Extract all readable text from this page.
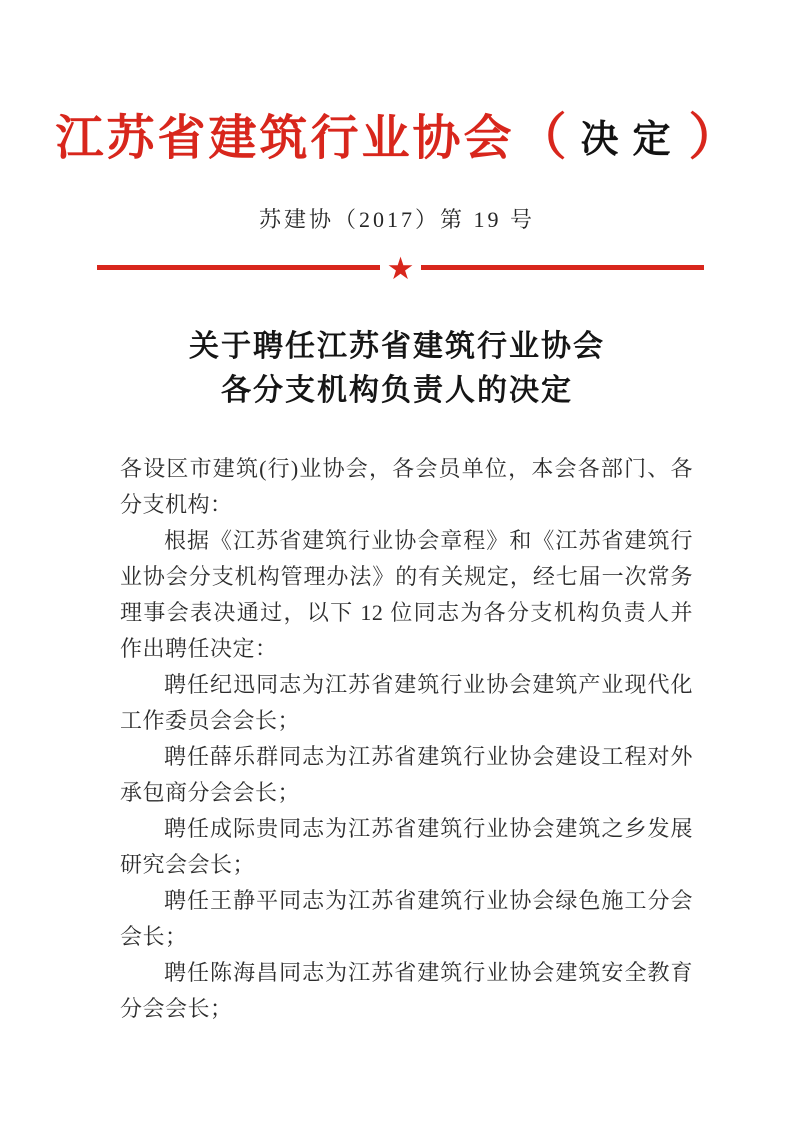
江苏省建筑行业协会（ 决定）
苏建协（2017）第 19 号
★
关于聘任江苏省建筑行业协会
各分支机构负责人的决定

各设区市建筑(行)业协会，各会员单位，本会各部门、各分支机构：

根据《江苏省建筑行业协会章程》和《江苏省建筑行业协会分支机构管理办法》的有关规定，经七届一次常务理事会表决通过，以下 12 位同志为各分支机构负责人并作出聘任决定：

聘任纪迅同志为江苏省建筑行业协会建筑产业现代化工作委员会会长；

聘任薛乐群同志为江苏省建筑行业协会建设工程对外承包商分会会长；

聘任成际贵同志为江苏省建筑行业协会建筑之乡发展研究会会长；

聘任王静平同志为江苏省建筑行业协会绿色施工分会会长；

聘任陈海昌同志为江苏省建筑行业协会建筑安全教育分会会长；
